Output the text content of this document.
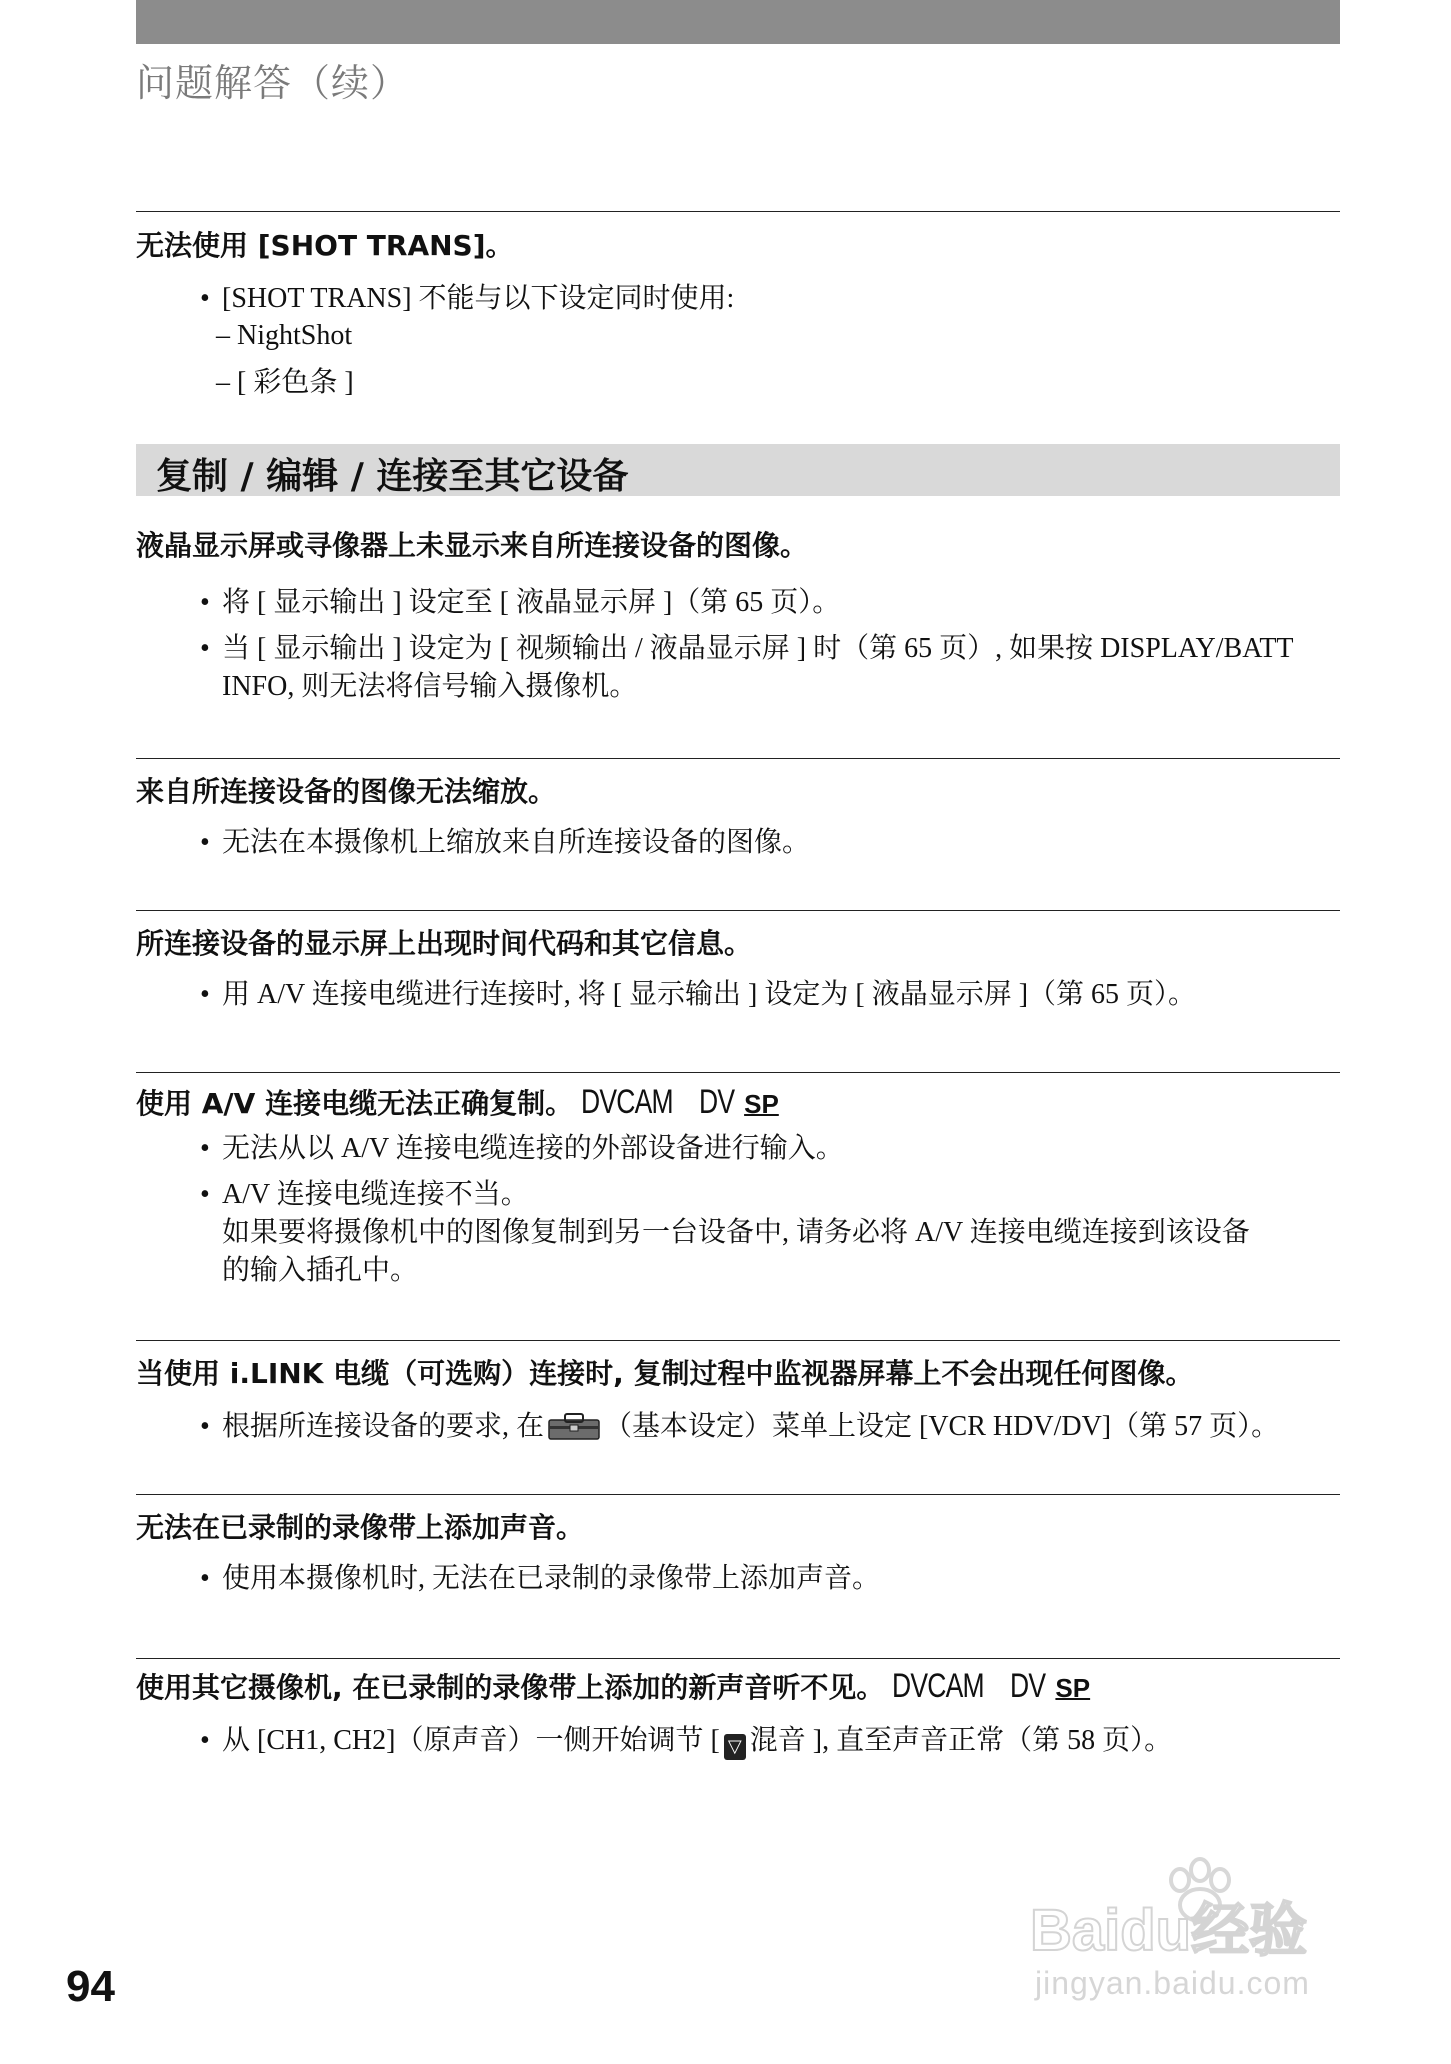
问题解答（续）
无法使用 [SHOT TRANS]。
• [SHOT TRANS] 不能与以下设定同时使用:
– NightShot
– [ 彩色条 ]
复制 / 编辑 / 连接至其它设备
液晶显示屏或寻像器上未显示来自所连接设备的图像。
• 将 [ 显示输出 ] 设定至 [ 液晶显示屏 ]（第 65 页）。
• 当 [ 显示输出 ] 设定为 [ 视频输出 / 液晶显示屏 ] 时（第 65 页）, 如果按 DISPLAY/BATT
INFO, 则无法将信号输入摄像机。
来自所连接设备的图像无法缩放。
• 无法在本摄像机上缩放来自所连接设备的图像。
所连接设备的显示屏上出现时间代码和其它信息。
• 用 A/V 连接电缆进行连接时, 将 [ 显示输出 ] 设定为 [ 液晶显示屏 ]（第 65 页）。
使用 A/V 连接电缆无法正确复制。 DVCAM DV SP
• 无法从以 A/V 连接电缆连接的外部设备进行输入。
• A/V 连接电缆连接不当。
如果要将摄像机中的图像复制到另一台设备中, 请务必将 A/V 连接电缆连接到该设备
的输入插孔中。
当使用 i.LINK 电缆（可选购）连接时, 复制过程中监视器屏幕上不会出现任何图像。
• 根据所连接设备的要求, 在 （基本设定）菜单上设定 [VCR HDV/DV]（第 57 页）。
无法在已录制的录像带上添加声音。
• 使用本摄像机时, 无法在已录制的录像带上添加声音。
使用其它摄像机, 在已录制的录像带上添加的新声音听不见。 DVCAM DV SP
• 从 [CH1, CH2]（原声音）一侧开始调节 [ ▽ 混音 ], 直至声音正常（第 58 页）。
94
Baidu经验
jingyan.baidu.com
